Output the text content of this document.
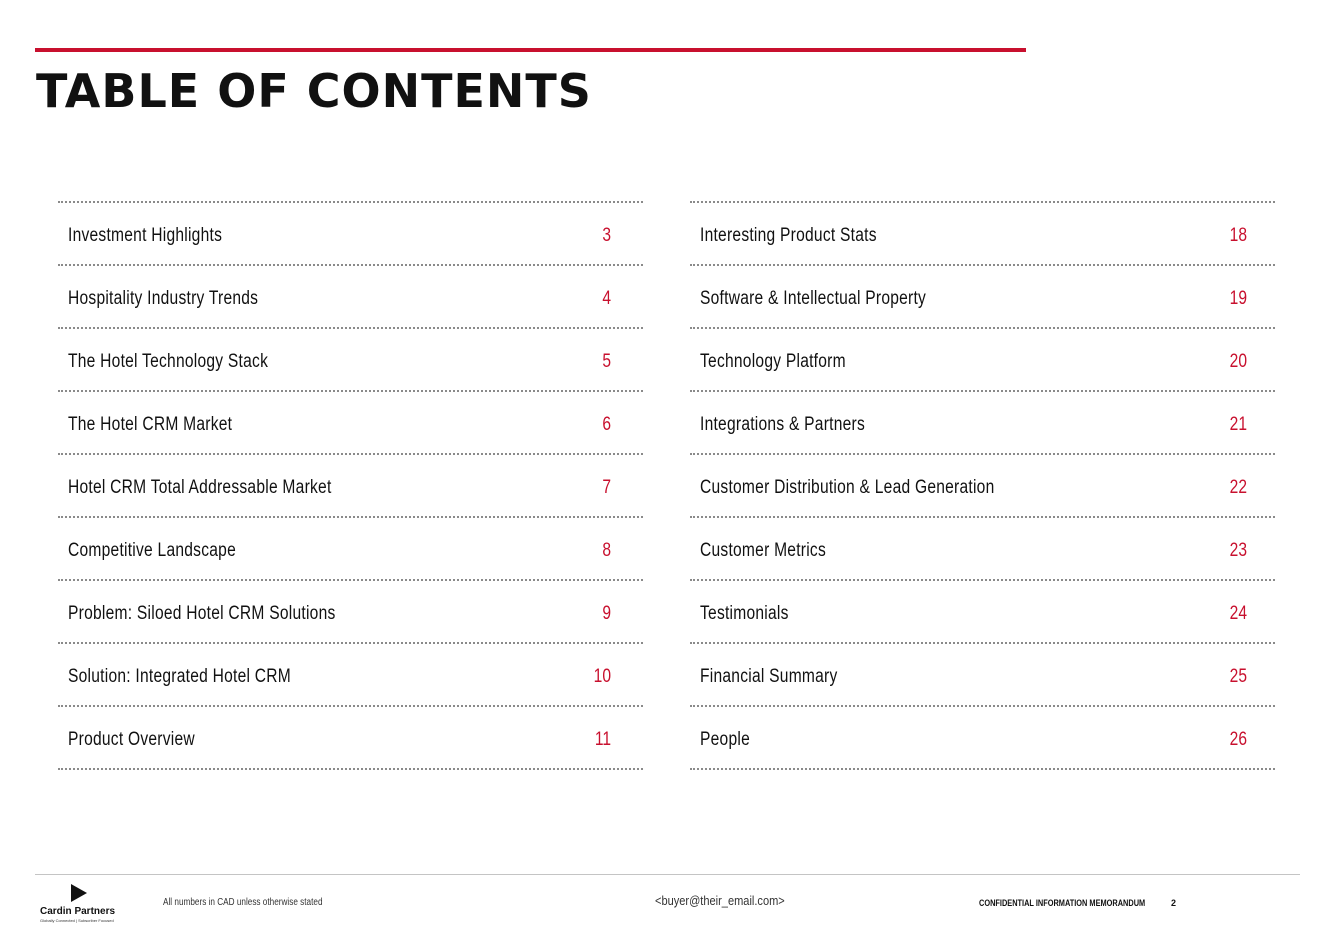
TABLE OF CONTENTS
Investment Highlights	3
Hospitality Industry Trends	4
The Hotel Technology Stack	5
The Hotel CRM Market	6
Hotel CRM Total Addressable Market	7
Competitive Landscape	8
Problem: Siloed Hotel CRM Solutions	9
Solution: Integrated Hotel CRM	10
Product Overview	11
Interesting Product Stats	18
Software & Intellectual Property	19
Technology Platform	20
Integrations & Partners	21
Customer Distribution & Lead Generation	22
Customer Metrics	23
Testimonials	24
Financial Summary	25
People	26
Cardin Partners
Globally Connected | Subscriber Focused
All numbers in CAD unless otherwise stated	<buyer@their_email.com>	CONFIDENTIAL INFORMATION MEMORANDUM	2
